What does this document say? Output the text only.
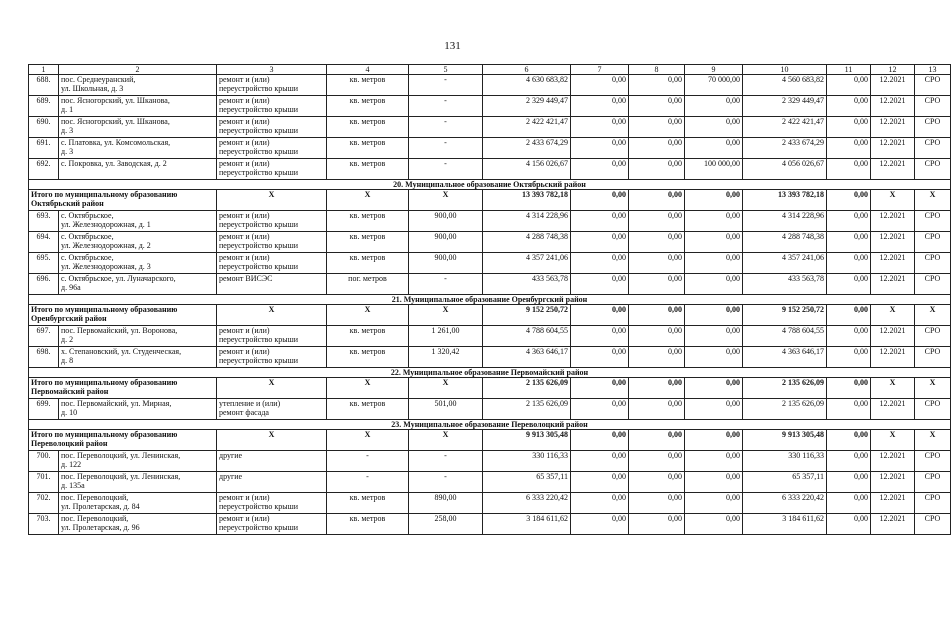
131
1	2	3	4	5	6	7	8	9	10	11	12	13
688.	пос. Среднеуранский,
ул. Школьная, д. 3	ремонт и (или)
переустройство крыши	кв. метров	-	4 630 683,82	0,00	0,00	70 000,00	4 560 683,82	0,00	12.2021	СРО
689.	пос. Ясногорский, ул. Шканова,
д. 1	ремонт и (или)
переустройство крыши	кв. метров	-	2 329 449,47	0,00	0,00	0,00	2 329 449,47	0,00	12.2021	СРО
690.	пос. Ясногорский, ул. Шканова,
д. 3	ремонт и (или)
переустройство крыши	кв. метров	-	2 422 421,47	0,00	0,00	0,00	2 422 421,47	0,00	12.2021	СРО
691.	с. Платовка, ул. Комсомольская,
д. 3	ремонт и (или)
переустройство крыши	кв. метров	-	2 433 674,29	0,00	0,00	0,00	2 433 674,29	0,00	12.2021	СРО
692.	с. Покровка, ул. Заводская, д. 2	ремонт и (или)
переустройство крыши	кв. метров	-	4 156 026,67	0,00	0,00	100 000,00	4 056 026,67	0,00	12.2021	СРО
20. Муниципальное образование Октябрьский район												
Итого по муниципальному образованию
Октябрьский район		Х	Х	Х	13 393 782,18	0,00	0,00	0,00	13 393 782,18	0,00	Х	Х
693.	с. Октябрьское,
ул. Железнодорожная, д. 1	ремонт и (или)
переустройство крыши	кв. метров	900,00	4 314 228,96	0,00	0,00	0,00	4 314 228,96	0,00	12.2021	СРО
694.	с. Октябрьское,
ул. Железнодорожная, д. 2	ремонт и (или)
переустройство крыши	кв. метров	900,00	4 288 748,38	0,00	0,00	0,00	4 288 748,38	0,00	12.2021	СРО
695.	с. Октябрьское,
ул. Железнодорожная, д. 3	ремонт и (или)
переустройство крыши	кв. метров	900,00	4 357 241,06	0,00	0,00	0,00	4 357 241,06	0,00	12.2021	СРО
696.	с. Октябрьское, ул. Луначарского,
д. 96а	ремонт ВИСЭС	пог. метров	-	433 563,78	0,00	0,00	0,00	433 563,78	0,00	12.2021	СРО
21. Муниципальное образование Оренбургский район												
Итого по муниципальному образованию
Оренбургский район		Х	Х	Х	9 152 250,72	0,00	0,00	0,00	9 152 250,72	0,00	Х	Х
697.	пос. Первомайский, ул. Воронова,
д. 2	ремонт и (или)
переустройство крыши	кв. метров	1 261,00	4 788 604,55	0,00	0,00	0,00	4 788 604,55	0,00	12.2021	СРО
698.	х. Степановский, ул. Студенческая,
д. 8	ремонт и (или)
переустройство крыши	кв. метров	1 320,42	4 363 646,17	0,00	0,00	0,00	4 363 646,17	0,00	12.2021	СРО
22. Муниципальное образование Первомайский район												
Итого по муниципальному образованию
Первомайский район		Х	Х	Х	2 135 626,09	0,00	0,00	0,00	2 135 626,09	0,00	Х	Х
699.	пос. Первомайский, ул. Мирная,
д. 10	утепление и (или)
ремонт фасада	кв. метров	501,00	2 135 626,09	0,00	0,00	0,00	2 135 626,09	0,00	12.2021	СРО
23. Муниципальное образование Переволоцкий район												
Итого по муниципальному образованию
Переволоцкий район		Х	Х	Х	9 913 305,48	0,00	0,00	0,00	9 913 305,48	0,00	Х	Х
700.	пос. Переволоцкий, ул. Ленинская,
д. 122	другие	-	-	330 116,33	0,00	0,00	0,00	330 116,33	0,00	12.2021	СРО
701.	пос. Переволоцкий, ул. Ленинская,
д. 135а	другие	-	-	65 357,11	0,00	0,00	0,00	65 357,11	0,00	12.2021	СРО
702.	пос. Переволоцкий,
ул. Пролетарская, д. 84	ремонт и (или)
переустройство крыши	кв. метров	890,00	6 333 220,42	0,00	0,00	0,00	6 333 220,42	0,00	12.2021	СРО
703.	пос. Переволоцкий,
ул. Пролетарская, д. 96	ремонт и (или)
переустройство крыши	кв. метров	258,00	3 184 611,62	0,00	0,00	0,00	3 184 611,62	0,00	12.2021	СРО
